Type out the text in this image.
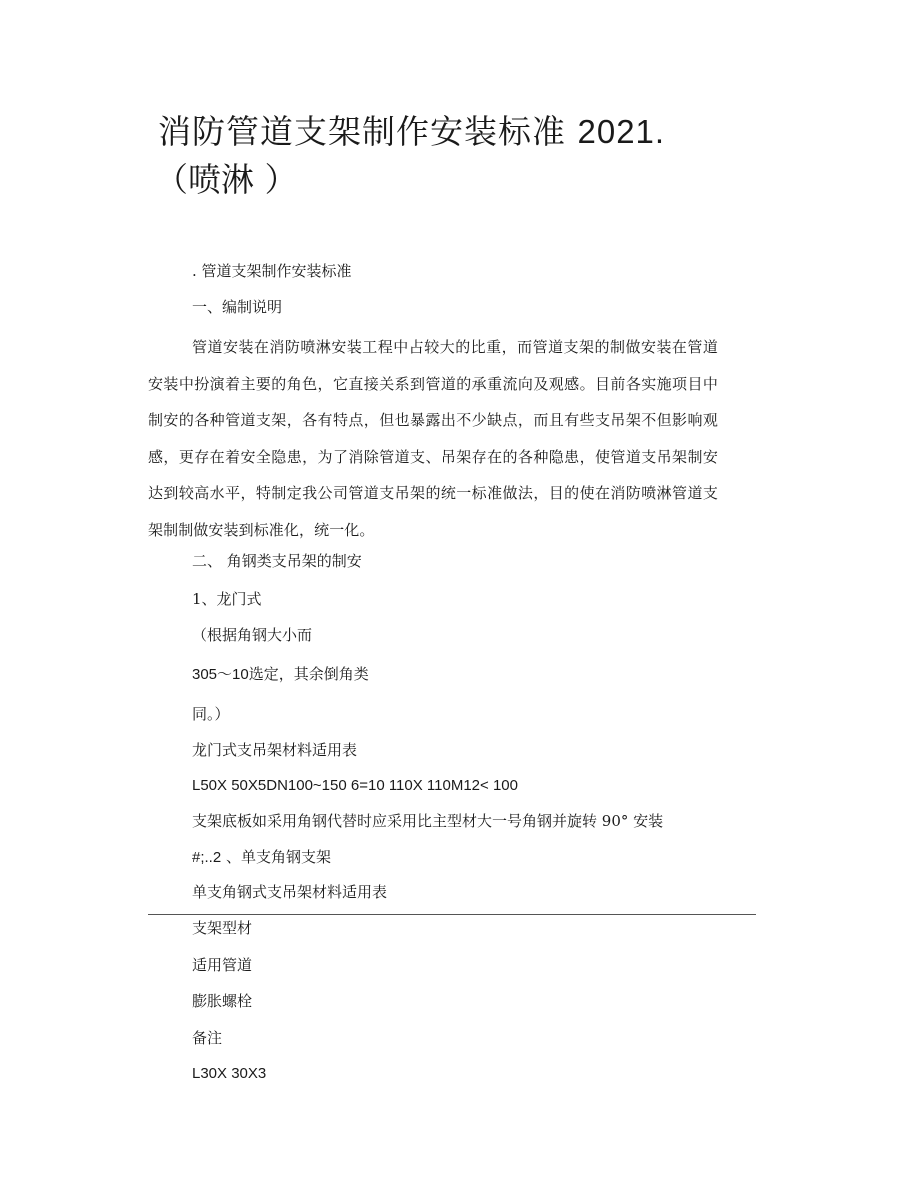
消防管道支架制作安装标准 2021.
（喷淋 ）
. 管道支架制作安装标准
一、编制说明

管道安装在消防喷淋安装工程中占较大的比重，而管道支架的制做安装在管道安装中扮演着主要的角色，它直接关系到管道的承重流向及观感。目前各实施项目中制安的各种管道支架，各有特点，但也暴露出不少缺点，而且有些支吊架不但影响观感，更存在着安全隐患，为了消除管道支、吊架存在的各种隐患，使管道支吊架制安达到较高水平，特制定我公司管道支吊架的统一标准做法，目的使在消防喷淋管道支架制制做安装到标准化，统一化。

二、 角钢类支吊架的制安
1、龙门式
（根据角钢大小而
305～10选定，其余倒角类
同。）
龙门式支吊架材料适用表
L50X 50X5DN100~150 6=10 110X 110M12< 100
支架底板如采用角钢代替时应采用比主型材大一号角钢并旋转 90° 安装
#;..2 、单支角钢支架
单支角钢式支吊架材料适用表
支架型材
适用管道
膨胀螺栓
备注
L30X 30X3
